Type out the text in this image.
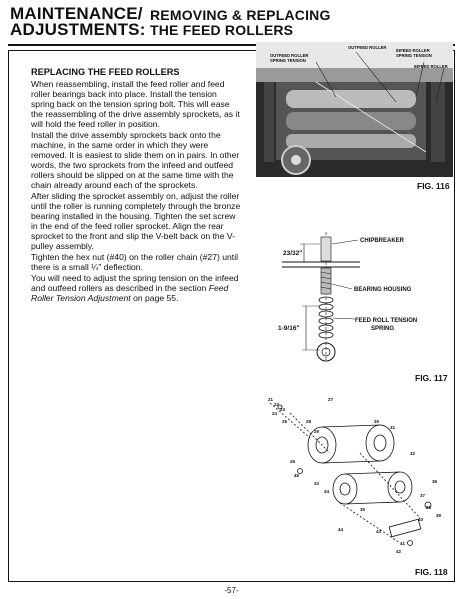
MAINTENANCE/
ADJUSTMENTS:
REMOVING & REPLACING
THE FEED ROLLERS
REPLACING THE FEED ROLLERS

When reassembling, install the feed roller and feed roller bearings back into place. Install the tension spring back on the tension spring bolt. This will ease the reassembling of the drive assembly sprockets, as it will hold the feed roller in position.

Install the drive assembly sprockets back onto the machine, in the same order in which they were removed. It is easiest to slide them on in pairs. In other words, the two sprockets from the infeed and outfeed rollers should be slipped on at the same time with the chain already around each of the sprockets.

After sliding the sprocket assembly on, adjust the roller until the roller is running completely through the bronze bearing installed in the housing. Tighten the set screw in the end of the feed roller sprocket. Align the rear sprocket to the front and slip the V-belt back on the V-pulley assembly.

Tighten the hex nut (#40) on the roller chain (#27) until there is a small ¼" deflection.

You will need to adjust the spring tension on the infeed and outfeed rollers as described in the section Feed Roller Tension Adjustment on page 55.

OUTFEED ROLLER
OUTFEED ROLLER
SPRING TENSION
INFEED ROLLER
SPRING TENSION
INFEED ROLLER
FIG. 116
23/32"
1-9/16"
CHIPBREAKER
BEARING HOUSING
FEED ROLL TENSION
SPRING
FIG. 117
21
22
23
24
25
26
27
28
29
30
31
32
33
34
35
36
37
38
39
40
41
42
43
44
45
FIG. 118
-57-
